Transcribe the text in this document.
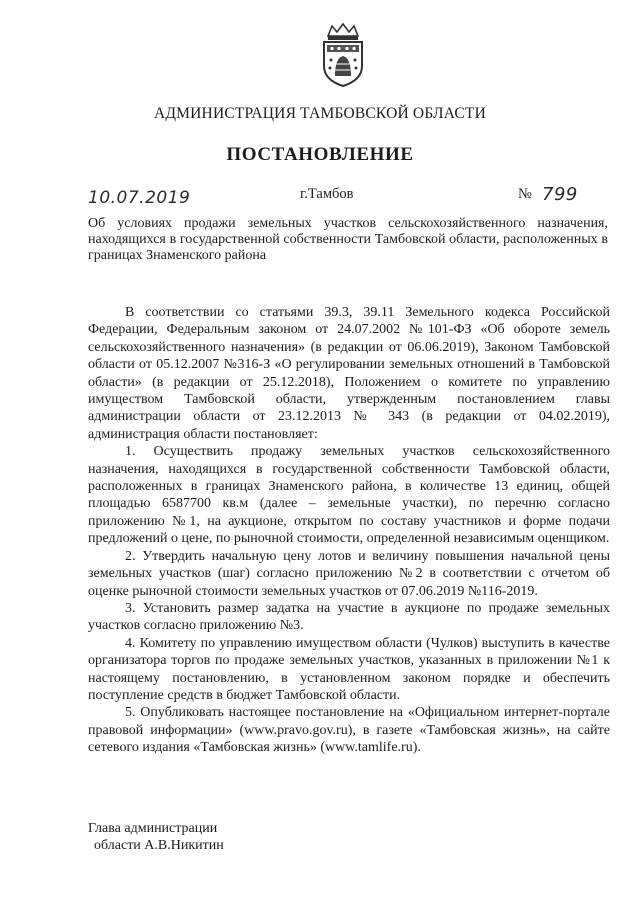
АДМИНИСТРАЦИЯ ТАМБОВСКОЙ ОБЛАСТИ
ПОСТАНОВЛЕНИЕ
10.07.2019	г.Тамбов	№ 799
Об условиях продажи земельных участков сельскохозяйственного назначения, находящихся в государственной собственности Тамбовской области, расположенных в границах Знаменского района

В соответствии со статьями 39.3, 39.11 Земельного кодекса Российской Федерации, Федеральным законом от 24.07.2002 №101-ФЗ «Об обороте земель сельскохозяйственного назначения» (в редакции от 06.06.2019), Законом Тамбовской области от 05.12.2007 №316-З «О регулировании земельных отношений в Тамбовской области» (в редакции от 25.12.2018), Положением о комитете по управлению имуществом Тамбовской области, утвержденным постановлением главы администрации области от 23.12.2013 № 343 (в редакции от 04.02.2019), администрация области постановляет:

1. Осуществить продажу земельных участков сельскохозяйственного назначения, находящихся в государственной собственности Тамбовской области, расположенных в границах Знаменского района, в количестве 13 единиц, общей площадью 6587700 кв.м (далее – земельные участки), по перечню согласно приложению №1, на аукционе, открытом по составу участников и форме подачи предложений о цене, по рыночной стоимости, определенной независимым оценщиком.

2. Утвердить начальную цену лотов и величину повышения начальной цены земельных участков (шаг) согласно приложению №2 в соответствии с отчетом об оценке рыночной стоимости земельных участков от 07.06.2019 №116-2019.

3. Установить размер задатка на участие в аукционе по продаже земельных участков согласно приложению №3.

4. Комитету по управлению имуществом области (Чулков) выступить в качестве организатора торгов по продаже земельных участков, указанных в приложении №1 к настоящему постановлению, в установленном законом порядке и обеспечить поступление средств в бюджет Тамбовской области.

5. Опубликовать настоящее постановление на «Официальном интернет-портале правовой информации» (www.pravo.gov.ru), в газете «Тамбовская жизнь», на сайте сетевого издания «Тамбовская жизнь» (www.tamlife.ru).

Глава администрации
области А.В.Никитин
